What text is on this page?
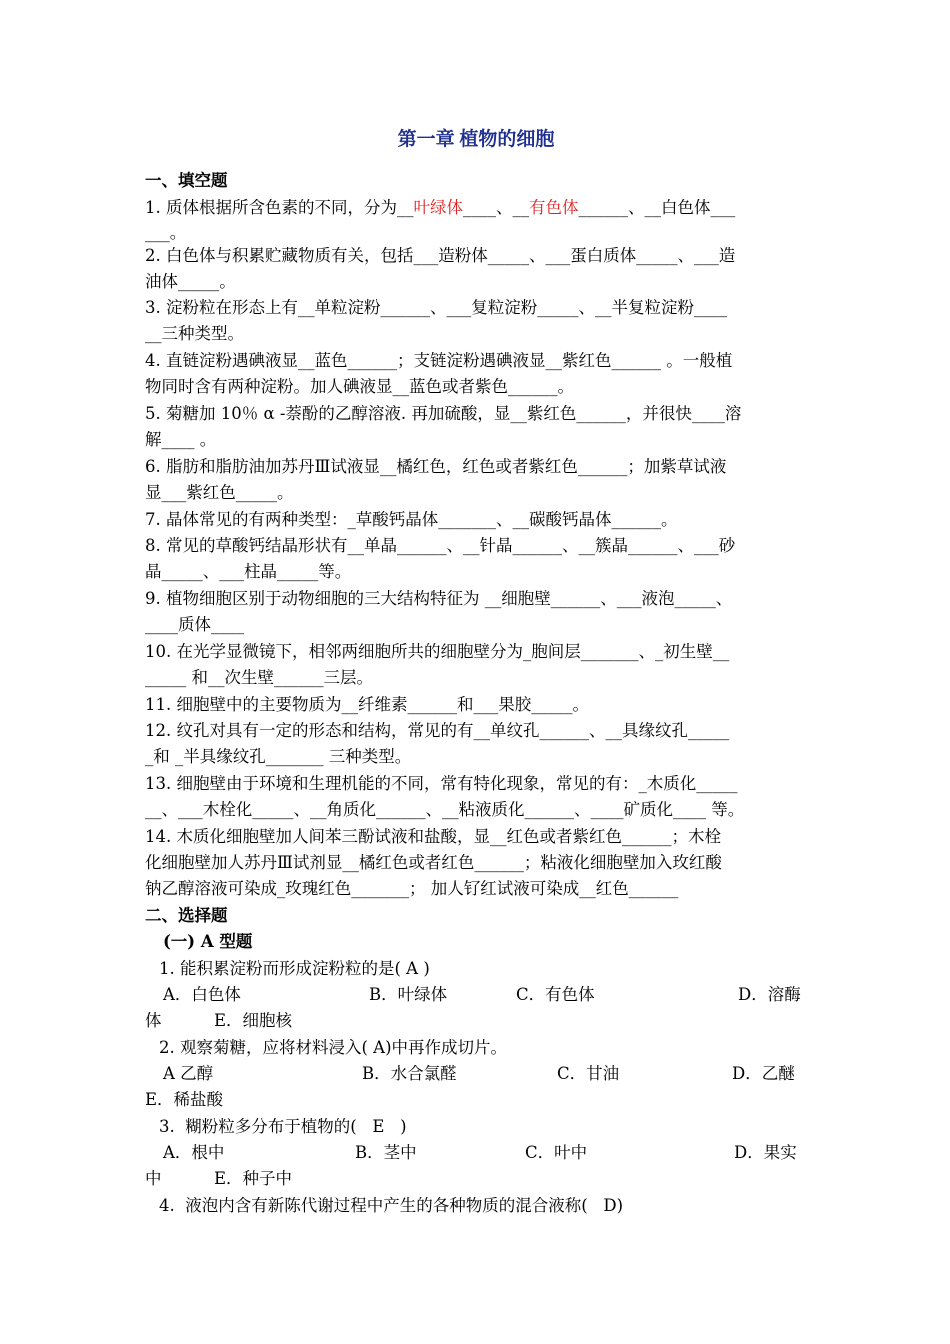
第一章 植物的细胞
一、填空题
1. 质体根据所含色素的不同，分为__叶绿体____、__有色体______、__白色体___
___。
2. 白色体与积累贮藏物质有关，包括___造粉体_____、___蛋白质体_____、___造
油体_____。
3. 淀粉粒在形态上有__单粒淀粉______、___复粒淀粉_____、__半复粒淀粉____
__三种类型。
4. 直链淀粉遇碘液显__蓝色______；支链淀粉遇碘液显__紫红色______ 。一般植
物同时含有两种淀粉。加人碘液显__蓝色或者紫色______。
5. 菊糖加 10％ α -萘酚的乙醇溶液. 再加硫酸，显__紫红色______，并很快____溶
解____ 。
6. 脂肪和脂肪油加苏丹Ⅲ试液显__橘红色，红色或者紫红色______；加紫草试液
显___紫红色_____。
7. 晶体常见的有两种类型：_草酸钙晶体_______、__碳酸钙晶体______。
8. 常见的草酸钙结晶形状有__单晶______、__针晶______、__簇晶______、___砂
晶_____、___柱晶_____等。
9. 植物细胞区别于动物细胞的三大结构特征为 __细胞壁______、___液泡_____、
____质体____
10. 在光学显微镜下，相邻两细胞所共的细胞壁分为_胞间层_______、_初生壁__
_____ 和__次生壁______三层。
11. 细胞壁中的主要物质为__纤维素______和___果胶_____。
12. 纹孔对具有一定的形态和结构，常见的有__单纹孔______、__具缘纹孔_____
_和 _半具缘纹孔_______ 三种类型。
13. 细胞壁由于环境和生理机能的不同，常有特化现象，常见的有：_木质化_____
__、___木栓化_____、__角质化______、__粘液质化______、____矿质化____ 等。
14. 木质化细胞壁加人间苯三酚试液和盐酸，显__红色或者紫红色______；木栓
化细胞壁加人苏丹Ⅲ试剂显__橘红色或者红色______；粘液化细胞壁加入玫红酸
钠乙醇溶液可染成_玫瑰红色_______； 加人钌红试液可染成__红色______
二、选择题
(一) A 型题
1. 能积累淀粉而形成淀粉粒的是( A )
A．白色体	B．叶绿体	C．有色体	D．溶酶
体          E．细胞核
2. 观察菊糖，应将材料浸入( A)中再作成切片。
A 乙醇	B．水合氯醛	C．甘油	D．乙醚
E．稀盐酸
3.  糊粉粒多分布于植物的(   E   )
A．根中	B．茎中	C．叶中	D．果实
中          E．种子中
4.  液泡内含有新陈代谢过程中产生的各种物质的混合液称(   D)
